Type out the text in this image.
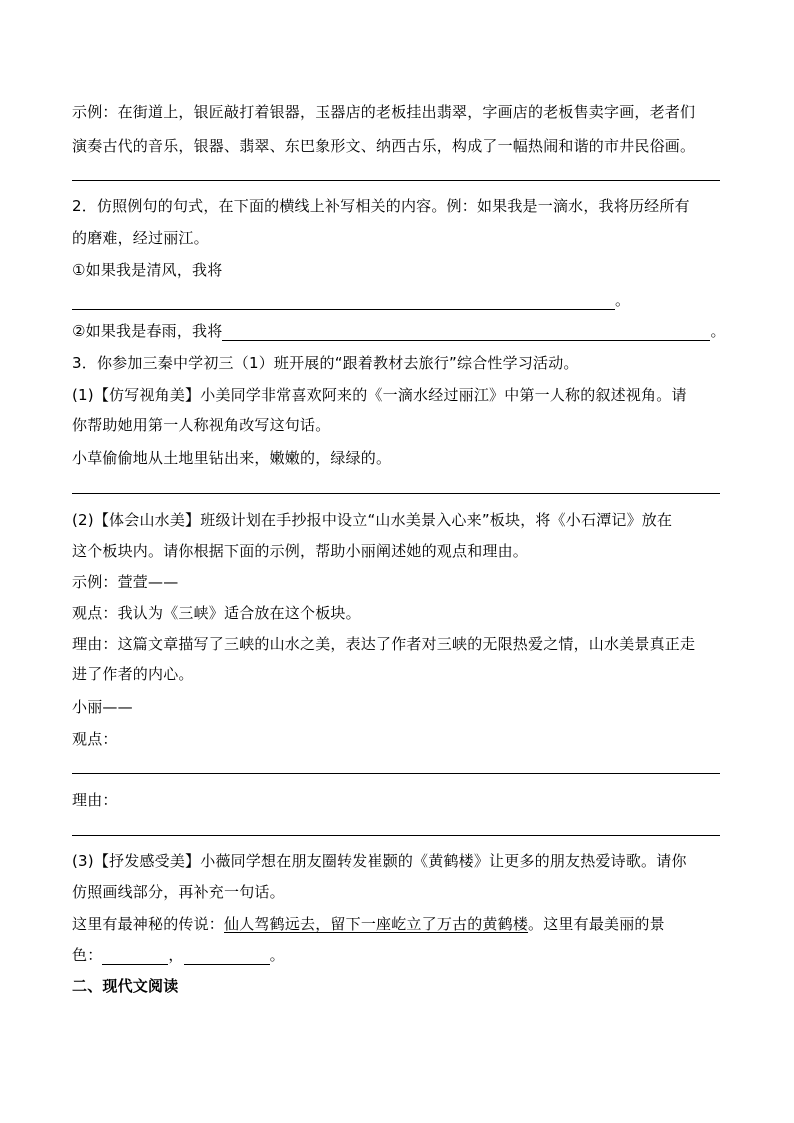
示例：在街道上，银匠敲打着银器，玉器店的老板挂出翡翠，字画店的老板售卖字画，老者们
演奏古代的音乐，银器、翡翠、东巴象形文、纳西古乐，构成了一幅热闹和谐的市井民俗画。
2．仿照例句的句式，在下面的横线上补写相关的内容。例：如果我是一滴水，我将历经所有
的磨难，经过丽江。
①如果我是清风，我将
。
②如果我是春雨，我将	。
3．你参加三秦中学初三（1）班开展的“跟着教材去旅行”综合性学习活动。
(1)【仿写视角美】小美同学非常喜欢阿来的《一滴水经过丽江》中第一人称的叙述视角。请
你帮助她用第一人称视角改写这句话。
小草偷偷地从土地里钻出来，嫩嫩的，绿绿的。
(2)【体会山水美】班级计划在手抄报中设立“山水美景入心来”板块，将《小石潭记》放在
这个板块内。请你根据下面的示例，帮助小丽阐述她的观点和理由。
示例：萱萱——
观点：我认为《三峡》适合放在这个板块。
理由：这篇文章描写了三峡的山水之美，表达了作者对三峡的无限热爱之情，山水美景真正走
进了作者的内心。
小丽——
观点：
理由：
(3)【抒发感受美】小薇同学想在朋友圈转发崔颢的《黄鹤楼》让更多的朋友热爱诗歌。请你
仿照画线部分，再补充一句话。
这里有最神秘的传说：仙人驾鹤远去，留下一座屹立了万古的黄鹤楼。这里有最美丽的景
色：	，	。
二、现代文阅读
